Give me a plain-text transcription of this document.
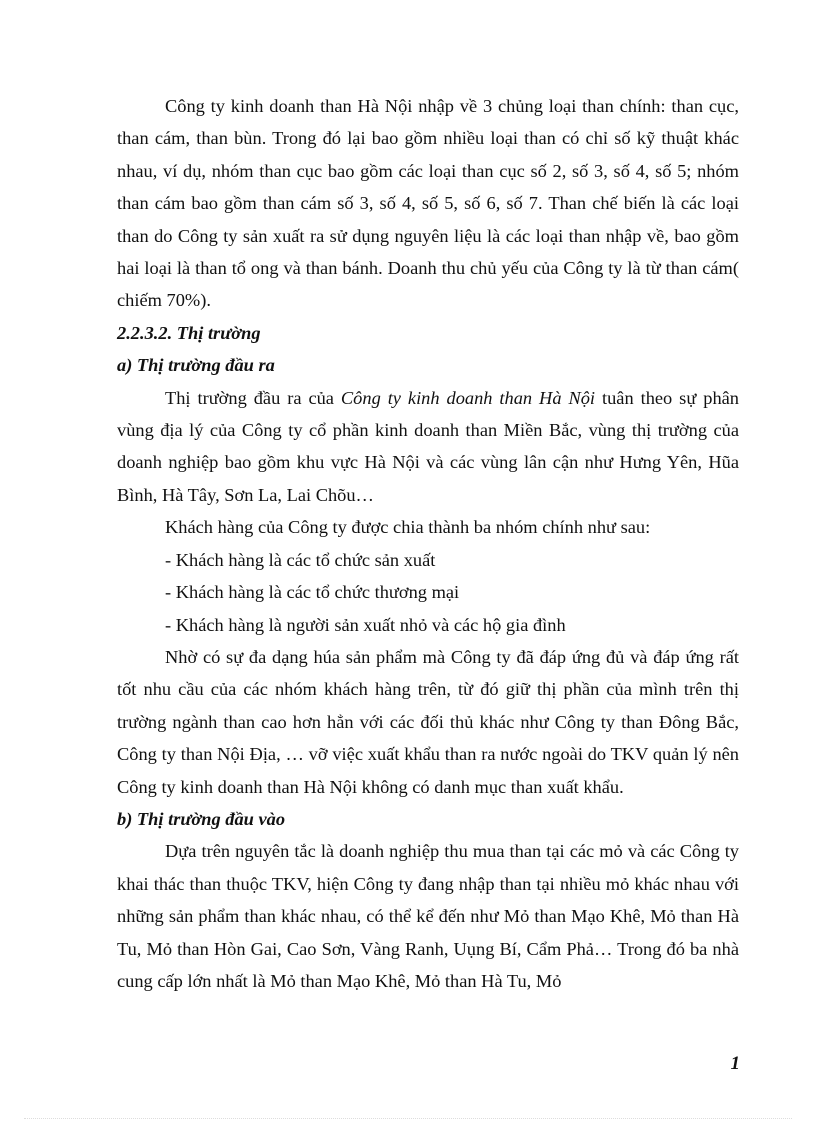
Công ty kinh doanh than Hà Nội nhập về 3 chủng loại than chính: than cục, than cám, than bùn. Trong đó lại bao gồm nhiều loại than có chỉ số kỹ thuật khác nhau, ví dụ, nhóm than cục bao gồm các loại than cục số 2, số 3, số 4, số 5; nhóm than cám bao gồm than cám số 3, số 4, số 5, số 6, số 7. Than chế biến là các loại than do Công ty sản xuất ra sử dụng nguyên liệu là các loại than nhập về, bao gồm hai loại là than tổ ong và than bánh. Doanh thu chủ yếu của Công ty là từ than cám( chiếm 70%).

2.2.3.2. Thị trường

a) Thị trường đầu ra

Thị trường đầu ra của Công ty kinh doanh than Hà Nội tuân theo sự phân vùng địa lý của Công ty cổ phần kinh doanh than Miền Bắc, vùng thị trường của doanh nghiệp bao gồm khu vực Hà Nội và các vùng lân cận như Hưng Yên, Hũa Bình, Hà Tây, Sơn La, Lai Chõu…

Khách hàng của Công ty được chia thành ba nhóm chính như sau:

- Khách hàng là các tổ chức sản xuất

- Khách hàng là các tổ chức thương mại

- Khách hàng là người sản xuất nhỏ và các hộ gia đình

Nhờ có sự đa dạng húa sản phẩm mà Công ty đã đáp ứng đủ và đáp ứng rất tốt nhu cầu của các nhóm khách hàng trên, từ đó giữ thị phần của mình trên thị trường ngành than cao hơn hẳn với các đối thủ khác như Công ty than Đông Bắc, Công ty than Nội Địa, … vỡ việc xuất khẩu than ra nước ngoài do TKV quản lý nên Công ty kinh doanh than Hà Nội không có danh mục than xuất khẩu.

b) Thị trường đầu vào

Dựa trên nguyên tắc là doanh nghiệp thu mua than tại các mỏ và các Công ty khai thác than thuộc TKV, hiện Công ty đang nhập than tại nhiều mỏ khác nhau với những sản phẩm than khác nhau, có thể kể đến như Mỏ than Mạo Khê, Mỏ than Hà Tu, Mỏ than Hòn Gai, Cao Sơn, Vàng Ranh, Uụng Bí, Cẩm Phả… Trong đó ba nhà cung cấp lớn nhất là Mỏ than Mạo Khê, Mỏ than Hà Tu, Mỏ

1
